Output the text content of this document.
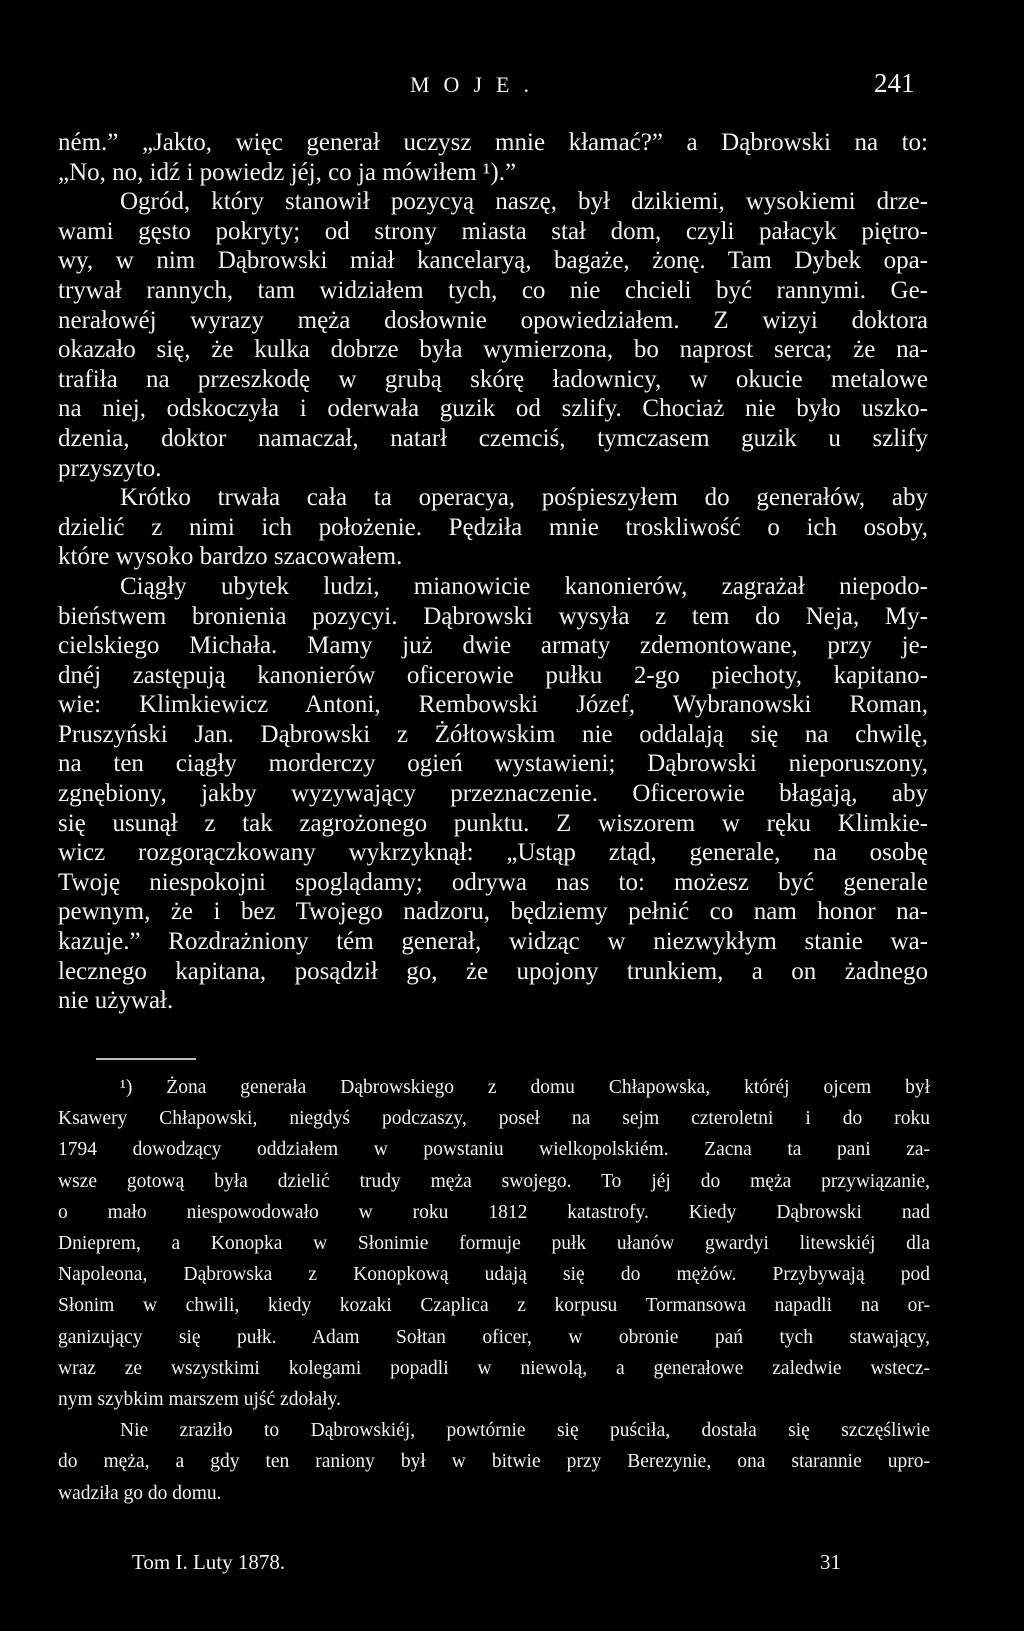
MOJE.	241
ném.” „Jakto, więc generał uczysz mnie kłamać?” a Dąbrowski na to:
„No, no, idź i powiedz jéj, co ja mówiłem ¹).”
Ogród, który stanowił pozycyą naszę, był dzikiemi, wysokiemi drze-
wami gęsto pokryty; od strony miasta stał dom, czyli pałacyk piętro-
wy, w nim Dąbrowski miał kancelaryą, bagaże, żonę. Tam Dybek opa-
trywał rannych, tam widziałem tych, co nie chcieli być rannymi. Ge-
nerałowéj wyrazy męża dosłownie opowiedziałem. Z wizyi doktora
okazało się, że kulka dobrze była wymierzona, bo naprost serca; że na-
trafiła na przeszkodę w grubą skórę ładownicy, w okucie metalowe
na niej, odskoczyła i oderwała guzik od szlify. Chociaż nie było uszko-
dzenia, doktor namaczał, natarł czemciś, tymczasem guzik u szlify
przyszyto.
Krótko trwała cała ta operacya, pośpieszyłem do generałów, aby
dzielić z nimi ich położenie. Pędziła mnie troskliwość o ich osoby,
które wysoko bardzo szacowałem.
Ciągły ubytek ludzi, mianowicie kanonierów, zagrażał niepodo-
bieństwem bronienia pozycyi. Dąbrowski wysyła z tem do Neja, My-
cielskiego Michała. Mamy już dwie armaty zdemontowane, przy je-
dnéj zastępują kanonierów oficerowie pułku 2-go piechoty, kapitano-
wie: Klimkiewicz Antoni, Rembowski Józef, Wybranowski Roman,
Pruszyński Jan. Dąbrowski z Żółtowskim nie oddalają się na chwilę,
na ten ciągły morderczy ogień wystawieni; Dąbrowski nieporuszony,
zgnębiony, jakby wyzywający przeznaczenie. Oficerowie błagają, aby
się usunął z tak zagrożonego punktu. Z wiszorem w ręku Klimkie-
wicz rozgorączkowany wykrzyknął: „Ustąp ztąd, generale, na osobę
Twoję niespokojni spoglądamy; odrywa nas to: możesz być generale
pewnym, że i bez Twojego nadzoru, będziemy pełnić co nam honor na-
kazuje.” Rozdrażniony tém generał, widząc w niezwykłym stanie wa-
lecznego kapitana, posądził go, że upojony trunkiem, a on żadnego
nie używał.
¹) Żona generała Dąbrowskiego z domu Chłapowska, któréj ojcem był
Ksawery Chłapowski, niegdyś podczaszy, poseł na sejm czteroletni i do roku
1794 dowodzący oddziałem w powstaniu wielkopolskiém. Zacna ta pani za-
wsze gotową była dzielić trudy męża swojego. To jéj do męża przywiązanie,
o mało niespowodowało w roku 1812 katastrofy. Kiedy Dąbrowski nad
Dnieprem, a Konopka w Słonimie formuje pułk ułanów gwardyi litewskiéj dla
Napoleona, Dąbrowska z Konopkową udają się do mężów. Przybywają pod
Słonim w chwili, kiedy kozaki Czaplica z korpusu Tormansowa napadli na or-
ganizujący się pułk. Adam Sołtan oficer, w obronie pań tych stawający,
wraz ze wszystkimi kolegami popadli w niewolą, a generałowe zaledwie wstecz-
nym szybkim marszem ujść zdołały.
Nie zraziło to Dąbrowskiéj, powtórnie się puściła, dostała się szczęśliwie
do męża, a gdy ten raniony był w bitwie przy Berezynie, ona starannie upro-
wadziła go do domu.
Tom I. Luty 1878.	31
